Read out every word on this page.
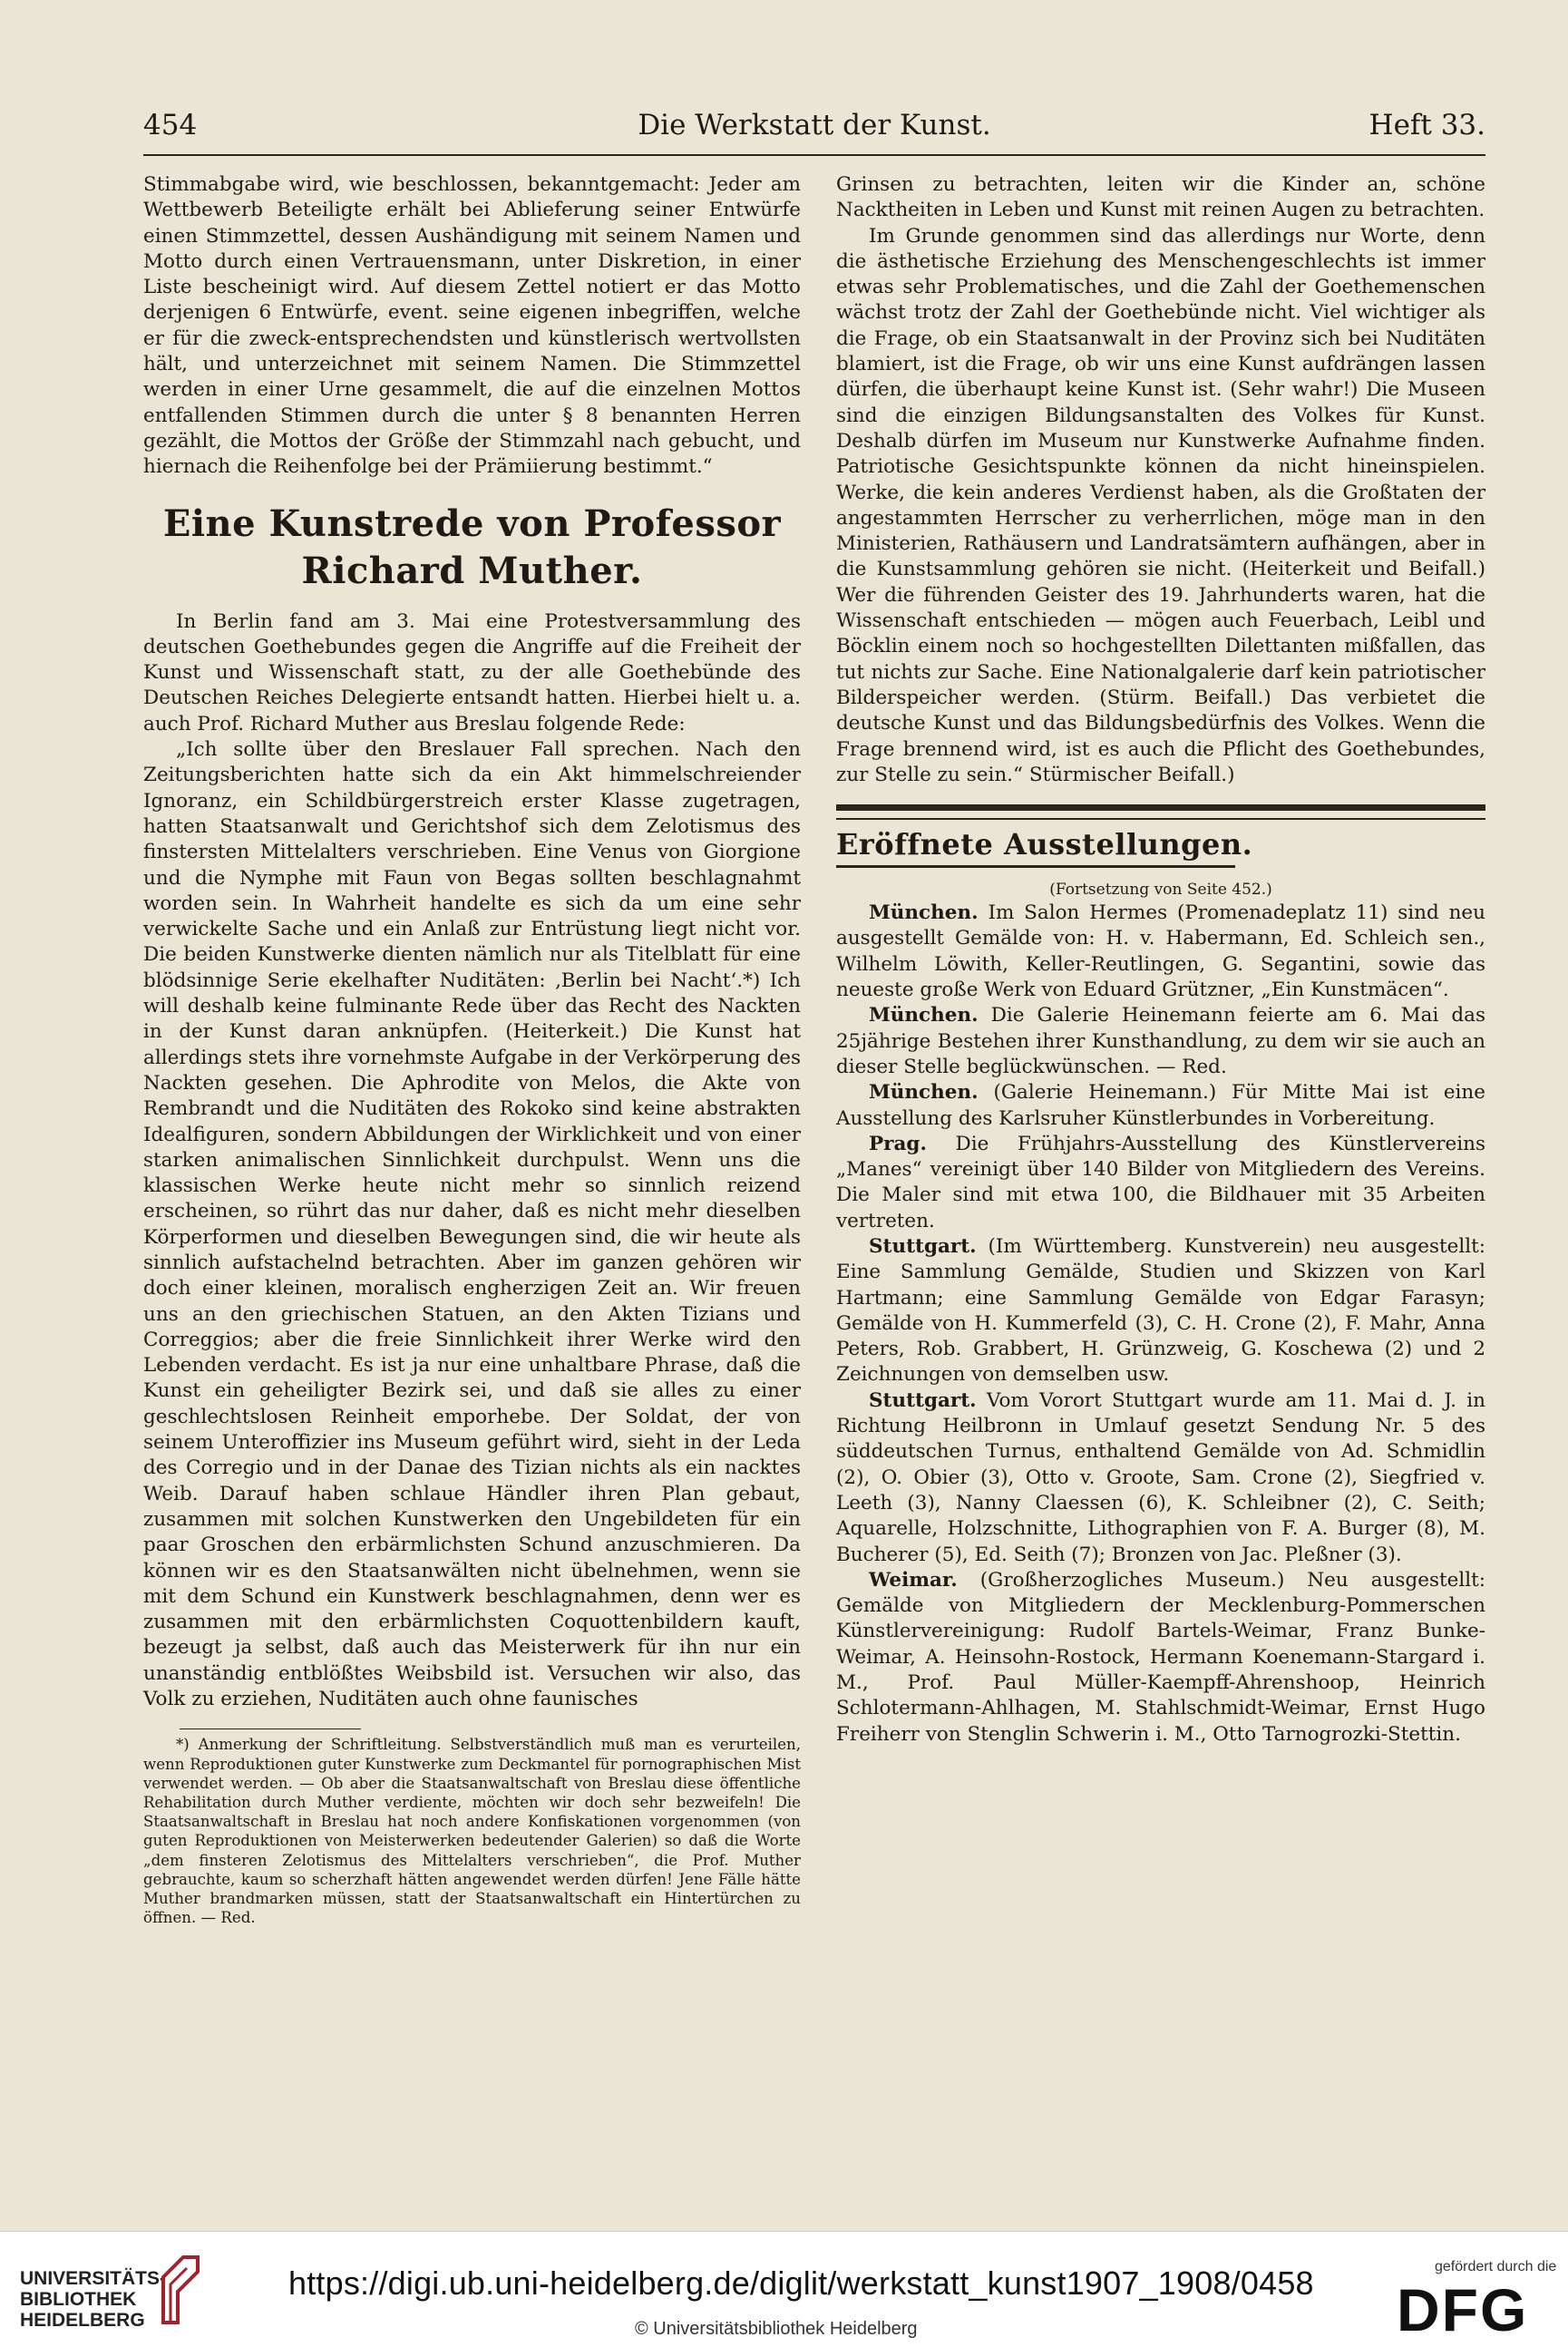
454	Die Werkstatt der Kunst.	Heft 33.

Stimmabgabe wird, wie beschlossen, bekanntgemacht: Jeder am Wettbewerb Beteiligte erhält bei Ablieferung seiner Entwürfe einen Stimmzettel, dessen Aushändigung mit seinem Namen und Motto durch einen Vertrauensmann, unter Diskretion, in einer Liste bescheinigt wird. Auf diesem Zettel notiert er das Motto derjenigen 6 Entwürfe, event. seine eigenen inbegriffen, welche er für die zweck-entsprechendsten und künstlerisch wertvollsten hält, und unterzeichnet mit seinem Namen. Die Stimmzettel werden in einer Urne gesammelt, die auf die einzelnen Mottos entfallenden Stimmen durch die unter § 8 benannten Herren gezählt, die Mottos der Größe der Stimmzahl nach gebucht, und hiernach die Reihenfolge bei der Prämiierung bestimmt.“

Eine Kunstrede von Professor Richard Muther.

In Berlin fand am 3. Mai eine Protestversammlung des deutschen Goethebundes gegen die Angriffe auf die Freiheit der Kunst und Wissenschaft statt, zu der alle Goethebünde des Deutschen Reiches Delegierte entsandt hatten. Hierbei hielt u. a. auch Prof. Richard Muther aus Breslau folgende Rede:

„Ich sollte über den Breslauer Fall sprechen. Nach den Zeitungsberichten hatte sich da ein Akt himmelschreiender Ignoranz, ein Schildbürgerstreich erster Klasse zugetragen, hatten Staatsanwalt und Gerichtshof sich dem Zelotismus des finstersten Mittelalters verschrieben. Eine Venus von Giorgione und die Nymphe mit Faun von Begas sollten beschlagnahmt worden sein. In Wahrheit handelte es sich da um eine sehr verwickelte Sache und ein Anlaß zur Entrüstung liegt nicht vor. Die beiden Kunstwerke dienten nämlich nur als Titelblatt für eine blödsinnige Serie ekelhafter Nuditäten: ‚Berlin bei Nacht‘.*) Ich will deshalb keine fulminante Rede über das Recht des Nackten in der Kunst daran anknüpfen. (Heiterkeit.) Die Kunst hat allerdings stets ihre vornehmste Aufgabe in der Verkörperung des Nackten gesehen. Die Aphrodite von Melos, die Akte von Rembrandt und die Nuditäten des Rokoko sind keine abstrakten Idealfiguren, sondern Abbildungen der Wirklichkeit und von einer starken animalischen Sinnlichkeit durchpulst. Wenn uns die klassischen Werke heute nicht mehr so sinnlich reizend erscheinen, so rührt das nur daher, daß es nicht mehr dieselben Körperformen und dieselben Bewegungen sind, die wir heute als sinnlich aufstachelnd betrachten. Aber im ganzen gehören wir doch einer kleinen, moralisch engherzigen Zeit an. Wir freuen uns an den griechischen Statuen, an den Akten Tizians und Correggios; aber die freie Sinnlichkeit ihrer Werke wird den Lebenden verdacht. Es ist ja nur eine unhaltbare Phrase, daß die Kunst ein geheiligter Bezirk sei, und daß sie alles zu einer geschlechtslosen Reinheit emporhebe. Der Soldat, der von seinem Unteroffizier ins Museum geführt wird, sieht in der Leda des Corregio und in der Danae des Tizian nichts als ein nacktes Weib. Darauf haben schlaue Händler ihren Plan gebaut, zusammen mit solchen Kunstwerken den Ungebildeten für ein paar Groschen den erbärmlichsten Schund anzuschmieren. Da können wir es den Staatsanwälten nicht übelnehmen, wenn sie mit dem Schund ein Kunstwerk beschlagnahmen, denn wer es zusammen mit den erbärmlichsten Coquottenbildern kauft, bezeugt ja selbst, daß auch das Meisterwerk für ihn nur ein unanständig entblößtes Weibsbild ist. Versuchen wir also, das Volk zu erziehen, Nuditäten auch ohne faunisches

*) Anmerkung der Schriftleitung. Selbstverständlich muß man es verurteilen, wenn Reproduktionen guter Kunstwerke zum Deckmantel für pornographischen Mist verwendet werden. — Ob aber die Staatsanwaltschaft von Breslau diese öffentliche Rehabilitation durch Muther verdiente, möchten wir doch sehr bezweifeln! Die Staatsanwaltschaft in Breslau hat noch andere Konfiskationen vorgenommen (von guten Reproduktionen von Meisterwerken bedeutender Galerien) so daß die Worte „dem finsteren Zelotismus des Mittelalters verschrieben“, die Prof. Muther gebrauchte, kaum so scherzhaft hätten angewendet werden dürfen! Jene Fälle hätte Muther brandmarken müssen, statt der Staatsanwaltschaft ein Hintertürchen zu öffnen. — Red.

Grinsen zu betrachten, leiten wir die Kinder an, schöne Nacktheiten in Leben und Kunst mit reinen Augen zu betrachten.

Im Grunde genommen sind das allerdings nur Worte, denn die ästhetische Erziehung des Menschengeschlechts ist immer etwas sehr Problematisches, und die Zahl der Goethemenschen wächst trotz der Zahl der Goethebünde nicht. Viel wichtiger als die Frage, ob ein Staatsanwalt in der Provinz sich bei Nuditäten blamiert, ist die Frage, ob wir uns eine Kunst aufdrängen lassen dürfen, die überhaupt keine Kunst ist. (Sehr wahr!) Die Museen sind die einzigen Bildungsanstalten des Volkes für Kunst. Deshalb dürfen im Museum nur Kunstwerke Aufnahme finden. Patriotische Gesichtspunkte können da nicht hineinspielen. Werke, die kein anderes Verdienst haben, als die Großtaten der angestammten Herrscher zu verherrlichen, möge man in den Ministerien, Rathäusern und Landratsämtern aufhängen, aber in die Kunstsammlung gehören sie nicht. (Heiterkeit und Beifall.) Wer die führenden Geister des 19. Jahrhunderts waren, hat die Wissenschaft entschieden — mögen auch Feuerbach, Leibl und Böcklin einem noch so hochgestellten Dilettanten mißfallen, das tut nichts zur Sache. Eine Nationalgalerie darf kein patriotischer Bilderspeicher werden. (Stürm. Beifall.) Das verbietet die deutsche Kunst und das Bildungsbedürfnis des Volkes. Wenn die Frage brennend wird, ist es auch die Pflicht des Goethebundes, zur Stelle zu sein.“ Stürmischer Beifall.)

Eröffnete Ausstellungen.

(Fortsetzung von Seite 452.)

München. Im Salon Hermes (Promenadeplatz 11) sind neu ausgestellt Gemälde von: H. v. Habermann, Ed. Schleich sen., Wilhelm Löwith, Keller-Reutlingen, G. Segantini, sowie das neueste große Werk von Eduard Grützner, „Ein Kunstmäcen“.

München. Die Galerie Heinemann feierte am 6. Mai das 25jährige Bestehen ihrer Kunsthandlung, zu dem wir sie auch an dieser Stelle beglückwünschen. — Red.

München. (Galerie Heinemann.) Für Mitte Mai ist eine Ausstellung des Karlsruher Künstlerbundes in Vorbereitung.

Prag. Die Frühjahrs-Ausstellung des Künstlervereins „Manes“ vereinigt über 140 Bilder von Mitgliedern des Vereins. Die Maler sind mit etwa 100, die Bildhauer mit 35 Arbeiten vertreten.

Stuttgart. (Im Württemberg. Kunstverein) neu ausgestellt: Eine Sammlung Gemälde, Studien und Skizzen von Karl Hartmann; eine Sammlung Gemälde von Edgar Farasyn; Gemälde von H. Kummerfeld (3), C. H. Crone (2), F. Mahr, Anna Peters, Rob. Grabbert, H. Grünzweig, G. Koschewa (2) und 2 Zeichnungen von demselben usw.

Stuttgart. Vom Vorort Stuttgart wurde am 11. Mai d. J. in Richtung Heilbronn in Umlauf gesetzt Sendung Nr. 5 des süddeutschen Turnus, enthaltend Gemälde von Ad. Schmidlin (2), O. Obier (3), Otto v. Groote, Sam. Crone (2), Siegfried v. Leeth (3), Nanny Claessen (6), K. Schleibner (2), C. Seith; Aquarelle, Holzschnitte, Lithographien von F. A. Burger (8), M. Bucherer (5), Ed. Seith (7); Bronzen von Jac. Pleßner (3).

Weimar. (Großherzogliches Museum.) Neu ausgestellt: Gemälde von Mitgliedern der Mecklenburg-Pommerschen Künstlervereinigung: Rudolf Bartels-Weimar, Franz Bunke-Weimar, A. Heinsohn-Rostock, Hermann Koenemann-Stargard i. M., Prof. Paul Müller-Kaempff-Ahrenshoop, Heinrich Schlotermann-Ahlhagen, M. Stahlschmidt-Weimar, Ernst Hugo Freiherr von Stenglin Schwerin i. M., Otto Tarnogrozki-Stettin.

UNIVERSITÄTS-
BIBLIOTHEK
HEIDELBERG
https://digi.ub.uni-heidelberg.de/diglit/werkstatt_kunst1907_1908/0458
© Universitätsbibliothek Heidelberg
gefördert durch die
DFG
